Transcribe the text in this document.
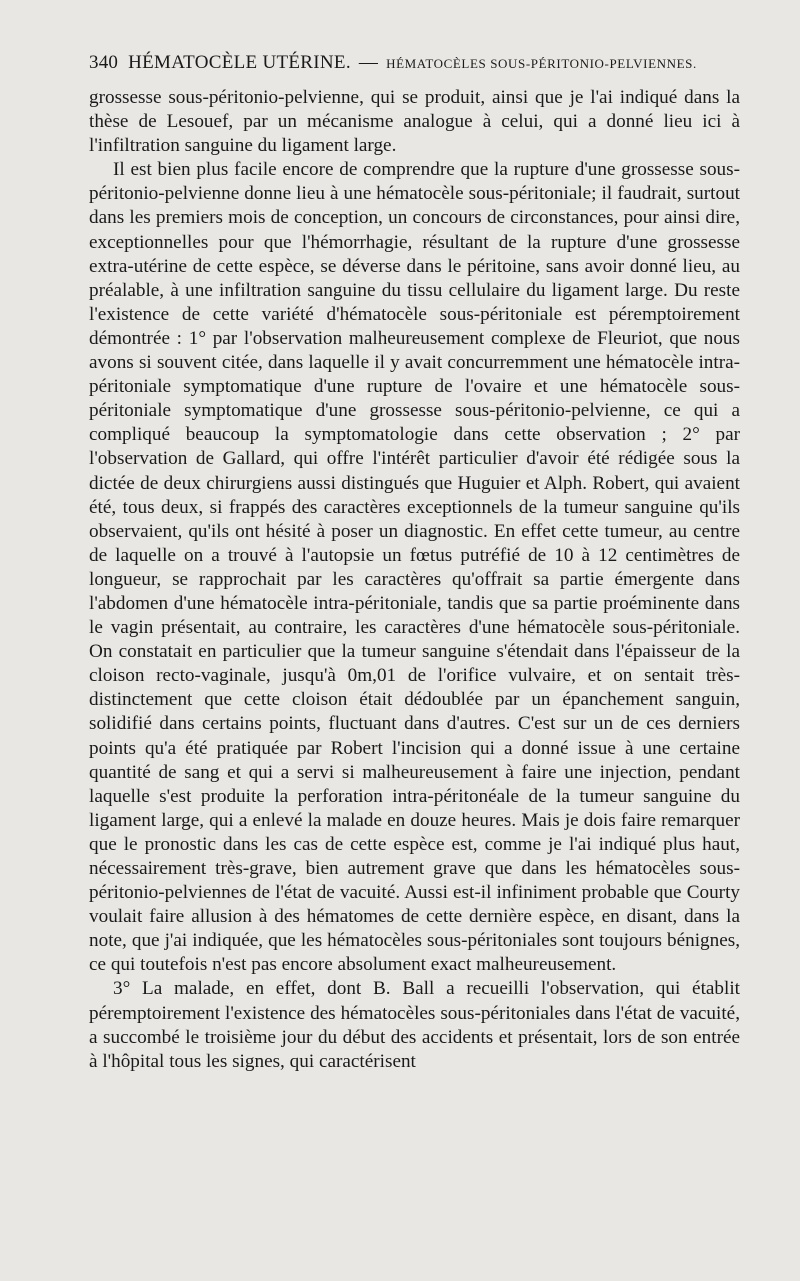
340 HÉMATOCÈLE UTÉRINE. — HÉMATOCÈLES SOUS-PÉRITONIO-PELVIENNES.

grossesse sous-péritonio-pelvienne, qui se produit, ainsi que je l'ai indiqué dans la thèse de Lesouef, par un mécanisme analogue à celui, qui a donné lieu ici à l'infiltration sanguine du ligament large.

Il est bien plus facile encore de comprendre que la rupture d'une grossesse sous-péritonio-pelvienne donne lieu à une hématocèle sous-péritoniale; il faudrait, surtout dans les premiers mois de conception, un concours de circonstances, pour ainsi dire, exceptionnelles pour que l'hémorrhagie, résultant de la rupture d'une grossesse extra-utérine de cette espèce, se déverse dans le péritoine, sans avoir donné lieu, au préalable, à une infiltration sanguine du tissu cellulaire du ligament large. Du reste l'existence de cette variété d'hématocèle sous-péritoniale est péremptoirement démontrée : 1° par l'observation malheureusement complexe de Fleuriot, que nous avons si souvent citée, dans laquelle il y avait concurremment une hématocèle intra-péritoniale symptomatique d'une rupture de l'ovaire et une hématocèle sous-péritoniale symptomatique d'une grossesse sous-péritonio-pelvienne, ce qui a compliqué beaucoup la symptomatologie dans cette observation ; 2° par l'observation de Gallard, qui offre l'intérêt particulier d'avoir été rédigée sous la dictée de deux chirurgiens aussi distingués que Huguier et Alph. Robert, qui avaient été, tous deux, si frappés des caractères exceptionnels de la tumeur sanguine qu'ils observaient, qu'ils ont hésité à poser un diagnostic. En effet cette tumeur, au centre de laquelle on a trouvé à l'autopsie un fœtus putréfié de 10 à 12 centimètres de longueur, se rapprochait par les caractères qu'offrait sa partie émergente dans l'abdomen d'une hématocèle intra-péritoniale, tandis que sa partie proéminente dans le vagin présentait, au contraire, les caractères d'une hématocèle sous-péritoniale. On constatait en particulier que la tumeur sanguine s'étendait dans l'épaisseur de la cloison recto-vaginale, jusqu'à 0m,01 de l'orifice vulvaire, et on sentait très-distinctement que cette cloison était dédoublée par un épanchement sanguin, solidifié dans certains points, fluctuant dans d'autres. C'est sur un de ces derniers points qu'a été pratiquée par Robert l'incision qui a donné issue à une certaine quantité de sang et qui a servi si malheureusement à faire une injection, pendant laquelle s'est produite la perforation intra-péritonéale de la tumeur sanguine du ligament large, qui a enlevé la malade en douze heures. Mais je dois faire remarquer que le pronostic dans les cas de cette espèce est, comme je l'ai indiqué plus haut, nécessairement très-grave, bien autrement grave que dans les hématocèles sous-péritonio-pelviennes de l'état de vacuité. Aussi est-il infiniment probable que Courty voulait faire allusion à des hématomes de cette dernière espèce, en disant, dans la note, que j'ai indiquée, que les hématocèles sous-péritoniales sont toujours bénignes, ce qui toutefois n'est pas encore absolument exact malheureusement.

3° La malade, en effet, dont B. Ball a recueilli l'observation, qui établit péremptoirement l'existence des hématocèles sous-péritoniales dans l'état de vacuité, a succombé le troisième jour du début des accidents et présentait, lors de son entrée à l'hôpital tous les signes, qui caractérisent
